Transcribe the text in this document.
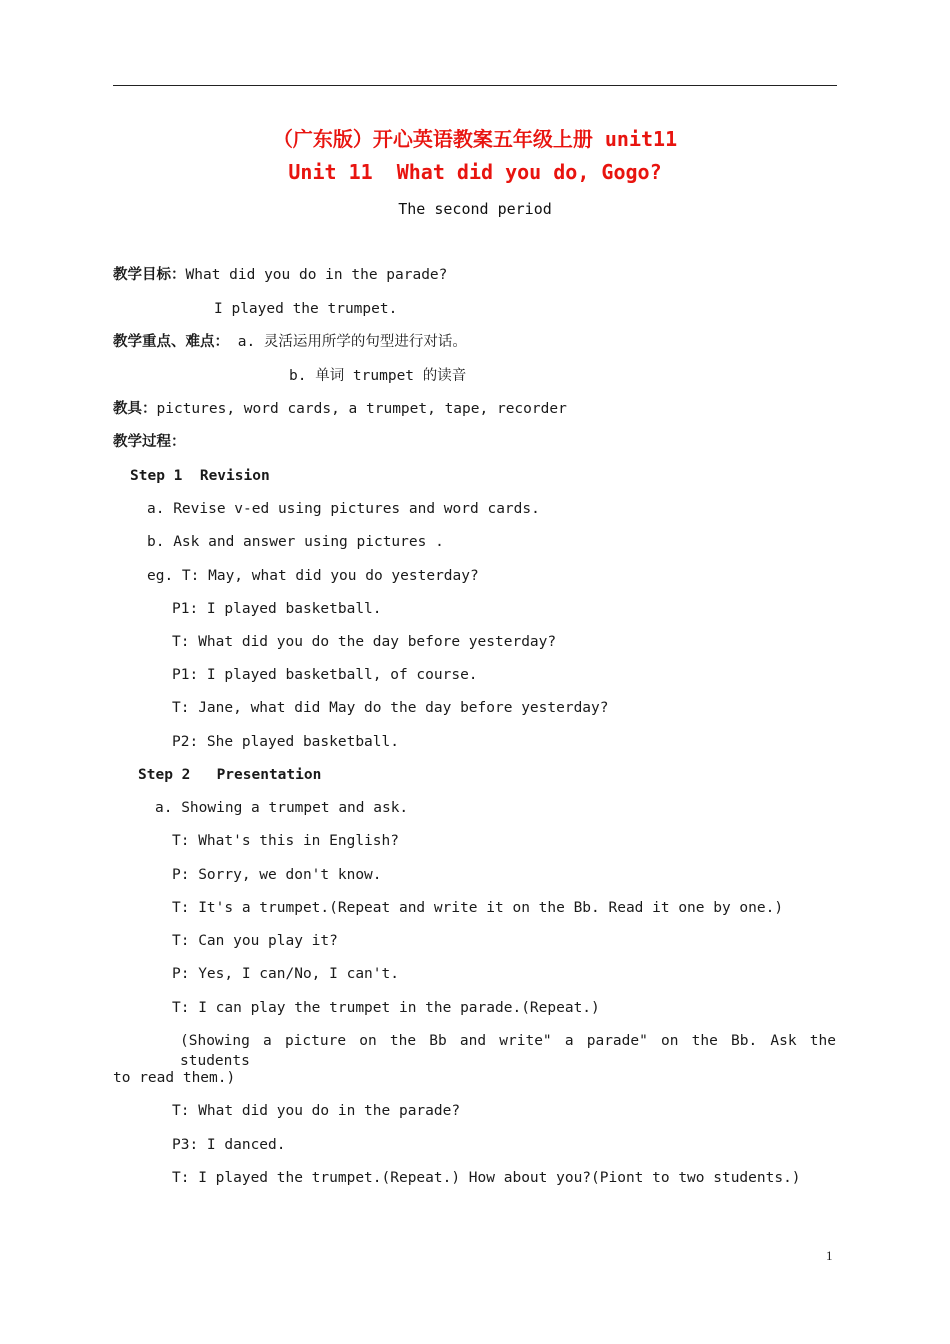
（广东版）开心英语教案五年级上册 unit11
Unit 11  What did you do, Gogo?
The second period
教学目标：What did you do in the parade?
I played the trumpet.
教学重点、难点： a. 灵活运用所学的句型进行对话。
b. 单词 trumpet 的读音
教具：pictures, word cards, a trumpet, tape, recorder
教学过程：
Step 1  Revision
a. Revise v-ed using pictures and word cards.
b. Ask and answer using pictures .
eg. T: May, what did you do yesterday?
P1: I played basketball.
T: What did you do the day before yesterday?
P1: I played basketball, of course.
T: Jane, what did May do the day before yesterday?
P2: She played basketball.
Step 2   Presentation
a. Showing a trumpet and ask.
T: What's this in English?
P: Sorry, we don't know.
T: It's a trumpet.(Repeat and write it on the Bb. Read it one by one.)
T: Can you play it?
P: Yes, I can/No, I can't.
T: I can play the trumpet in the parade.(Repeat.)
(Showing a picture on the Bb and write" a parade" on the Bb. Ask the students
to read them.)
T: What did you do in the parade?
P3: I danced.
T: I played the trumpet.(Repeat.) How about you?(Piont to two students.)
1
